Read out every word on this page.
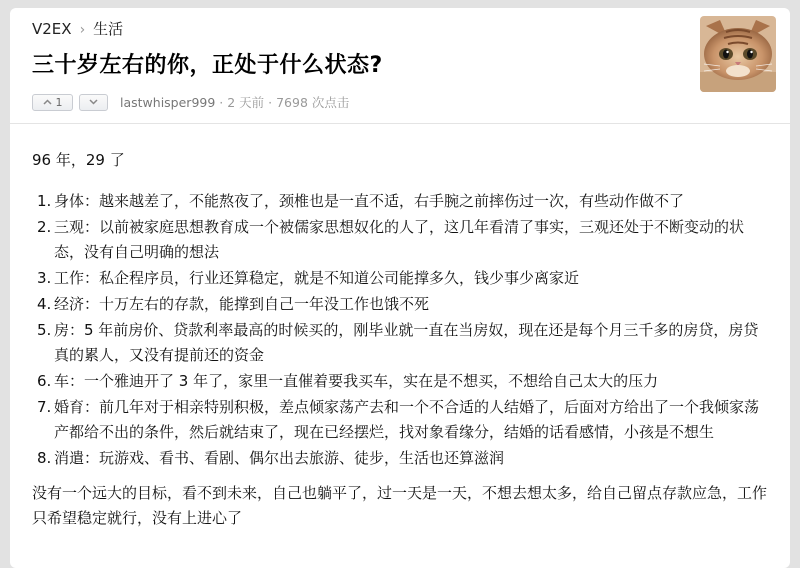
V2EX › 生活
三十岁左右的你，正处于什么状态?
1	lastwhisper999 · 2 天前 · 7698 次点击

96 年，29 了

1. 身体：越来越差了，不能熬夜了，颈椎也是一直不适，右手腕之前摔伤过一次，有些动作做不了
2. 三观：以前被家庭思想教育成一个被儒家思想奴化的人了，这几年看清了事实，三观还处于不断变动的状态，没有自己明确的想法
3. 工作：私企程序员，行业还算稳定，就是不知道公司能撑多久，钱少事少离家近
4. 经济：十万左右的存款，能撑到自己一年没工作也饿不死
5. 房：5 年前房价、贷款利率最高的时候买的，刚毕业就一直在当房奴，现在还是每个月三千多的房贷，房贷真的累人，又没有提前还的资金
6. 车：一个雅迪开了 3 年了，家里一直催着要我买车，实在是不想买，不想给自己太大的压力
7. 婚育：前几年对于相亲特别积极，差点倾家荡产去和一个不合适的人结婚了，后面对方给出了一个我倾家荡产都给不出的条件，然后就结束了，现在已经摆烂，找对象看缘分，结婚的话看感情，小孩是不想生
8. 消遣：玩游戏、看书、看剧、偶尔出去旅游、徒步，生活也还算滋润

没有一个远大的目标，看不到未来，自己也躺平了，过一天是一天，不想去想太多，给自己留点存款应急，工作只希望稳定就行，没有上进心了
